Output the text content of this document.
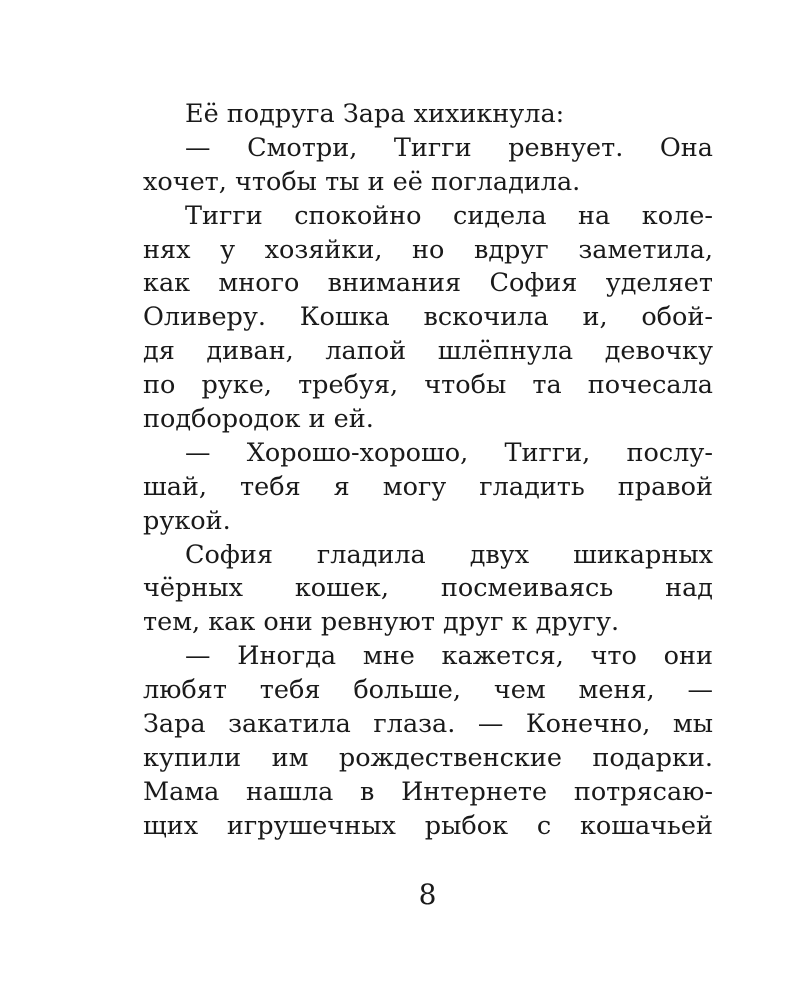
Её подруга Зара хихикнула:
— Смотри, Тигги ревнует. Она
хочет, чтобы ты и её погладила.
Тигги спокойно сидела на коле-
нях у хозяйки, но вдруг заметила,
как много внимания София уделяет
Оливеру. Кошка вскочила и, обой-
дя диван, лапой шлёпнула девочку
по руке, требуя, чтобы та почесала
подбородок и ей.
— Хорошо-хорошо, Тигги, послу-
шай, тебя я могу гладить правой
рукой.
София гладила двух шикарных
чёрных кошек, посмеиваясь над
тем, как они ревнуют друг к другу.
— Иногда мне кажется, что они
любят тебя больше, чем меня, —
Зара закатила глаза. — Конечно, мы
купили им рождественские подарки.
Мама нашла в Интернете потрясаю-
щих игрушечных рыбок с кошачьей
8
